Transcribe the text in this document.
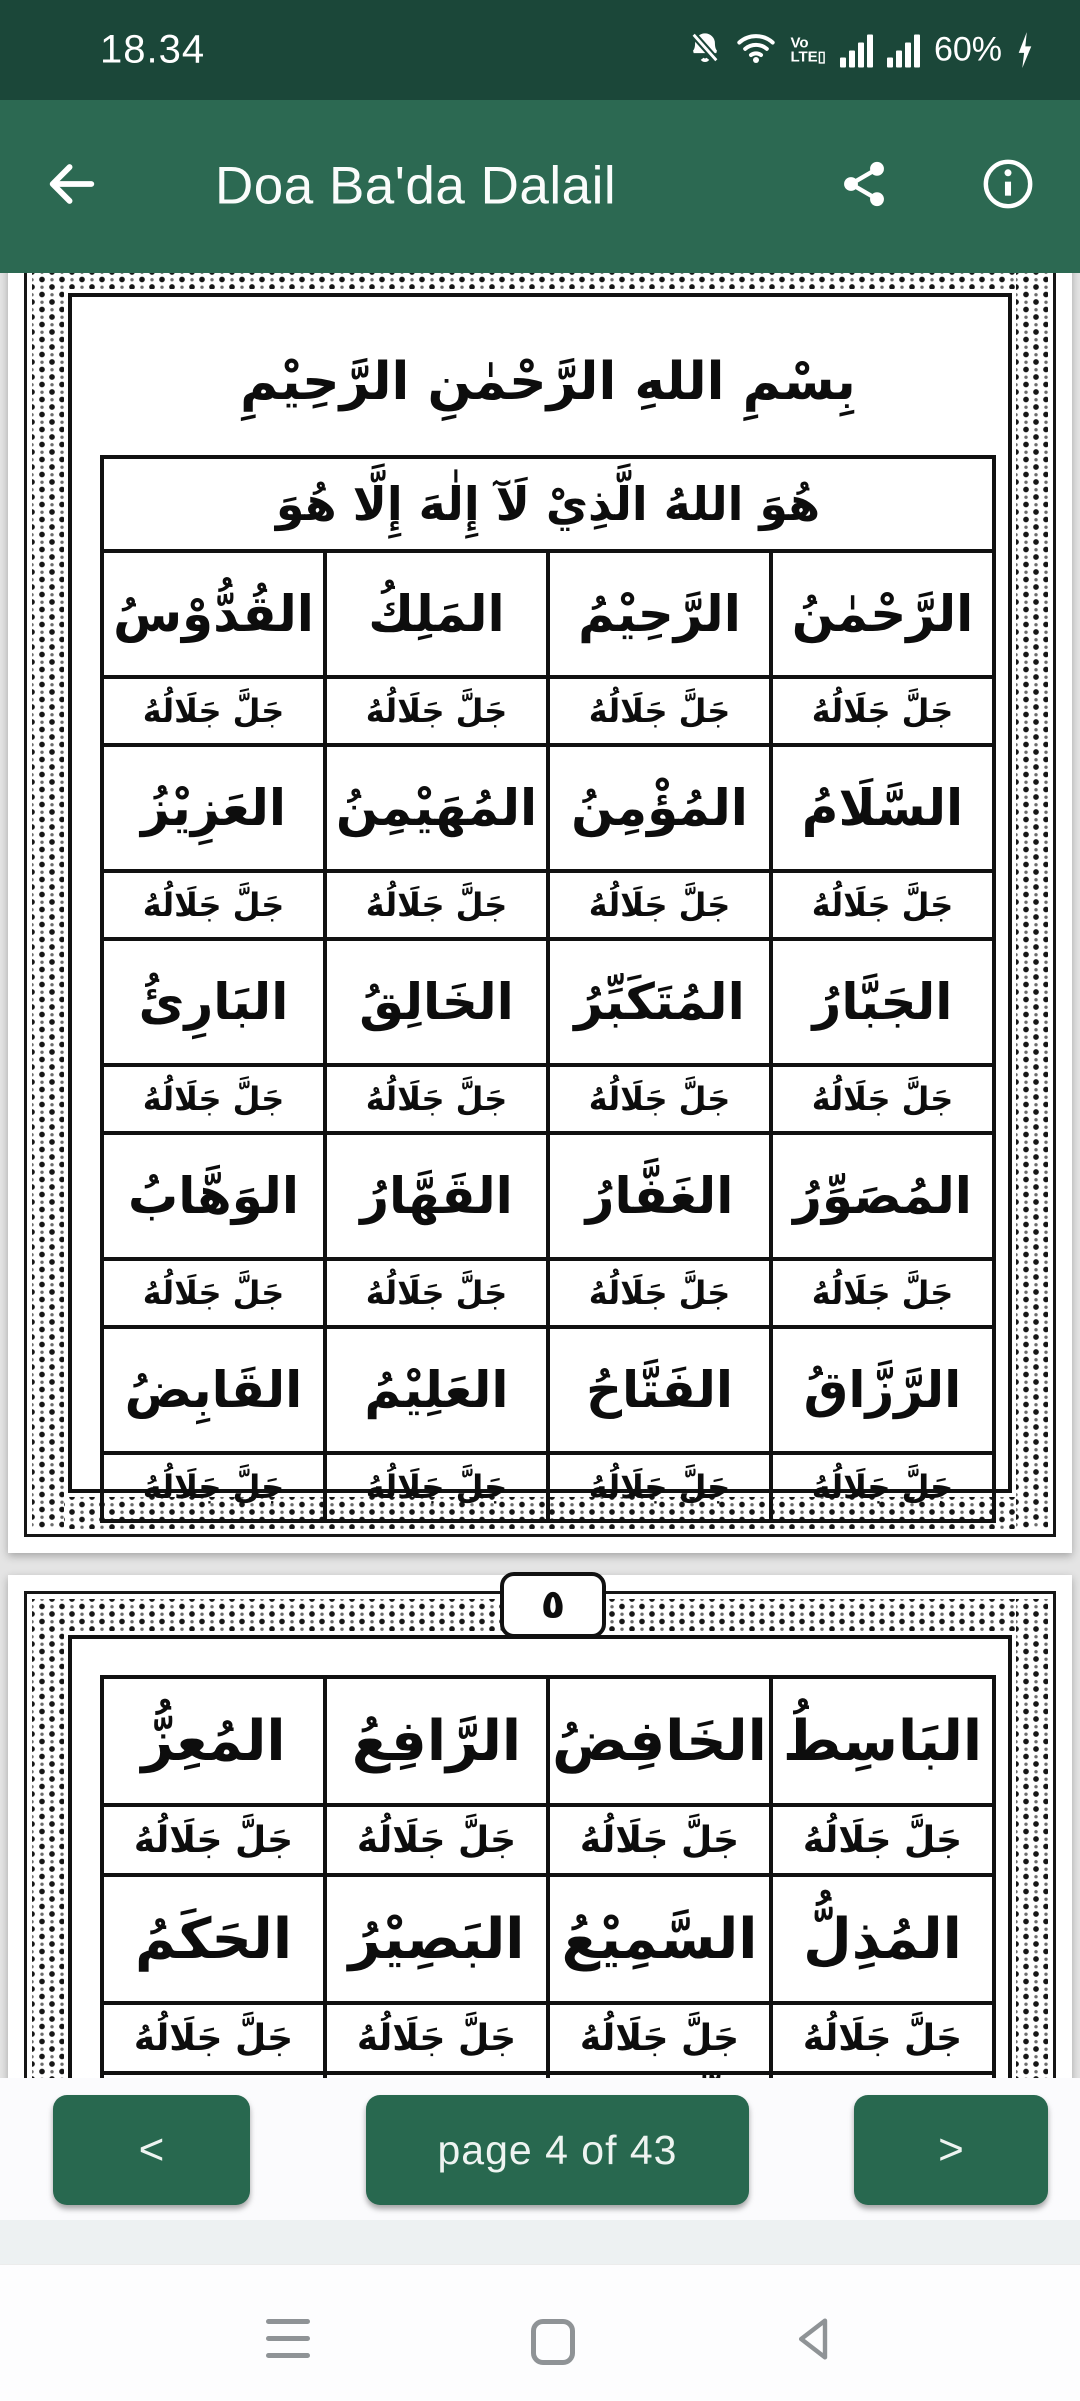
18.34	Vo
LTE▯	60%
Doa Ba'da Dalail
بِسْمِ اللهِ الرَّحْمٰنِ الرَّحِيْمِ
هُوَ اللهُ الَّذِيْ لَآ إِلٰهَ إِلَّا هُوَ			
الرَّحْمٰنُ	الرَّحِيْمُ	المَلِكُ	القُدُّوْسُ
جَلَّ جَلَالُهُ	جَلَّ جَلَالُهُ	جَلَّ جَلَالُهُ	جَلَّ جَلَالُهُ
السَّلَامُ	المُؤْمِنُ	المُهَيْمِنُ	العَزِيْزُ
جَلَّ جَلَالُهُ	جَلَّ جَلَالُهُ	جَلَّ جَلَالُهُ	جَلَّ جَلَالُهُ
الجَبَّارُ	المُتَكَبِّرُ	الخَالِقُ	البَارِئُ
جَلَّ جَلَالُهُ	جَلَّ جَلَالُهُ	جَلَّ جَلَالُهُ	جَلَّ جَلَالُهُ
المُصَوِّرُ	الغَفَّارُ	القَهَّارُ	الوَهَّابُ
جَلَّ جَلَالُهُ	جَلَّ جَلَالُهُ	جَلَّ جَلَالُهُ	جَلَّ جَلَالُهُ
الرَّزَّاقُ	الفَتَّاحُ	العَلِيْمُ	القَابِضُ
جَلَّ جَلَالُهُ	جَلَّ جَلَالُهُ	جَلَّ جَلَالُهُ	جَلَّ جَلَالُهُ
٥
البَاسِطُ	الخَافِضُ	الرَّافِعُ	المُعِزُّ
جَلَّ جَلَالُهُ	جَلَّ جَلَالُهُ	جَلَّ جَلَالُهُ	جَلَّ جَلَالُهُ
المُذِلُّ	السَّمِيْعُ	البَصِيْرُ	الحَكَمُ
جَلَّ جَلَالُهُ	جَلَّ جَلَالُهُ	جَلَّ جَلَالُهُ	جَلَّ جَلَالُهُ

<	page 4 of 43	>
